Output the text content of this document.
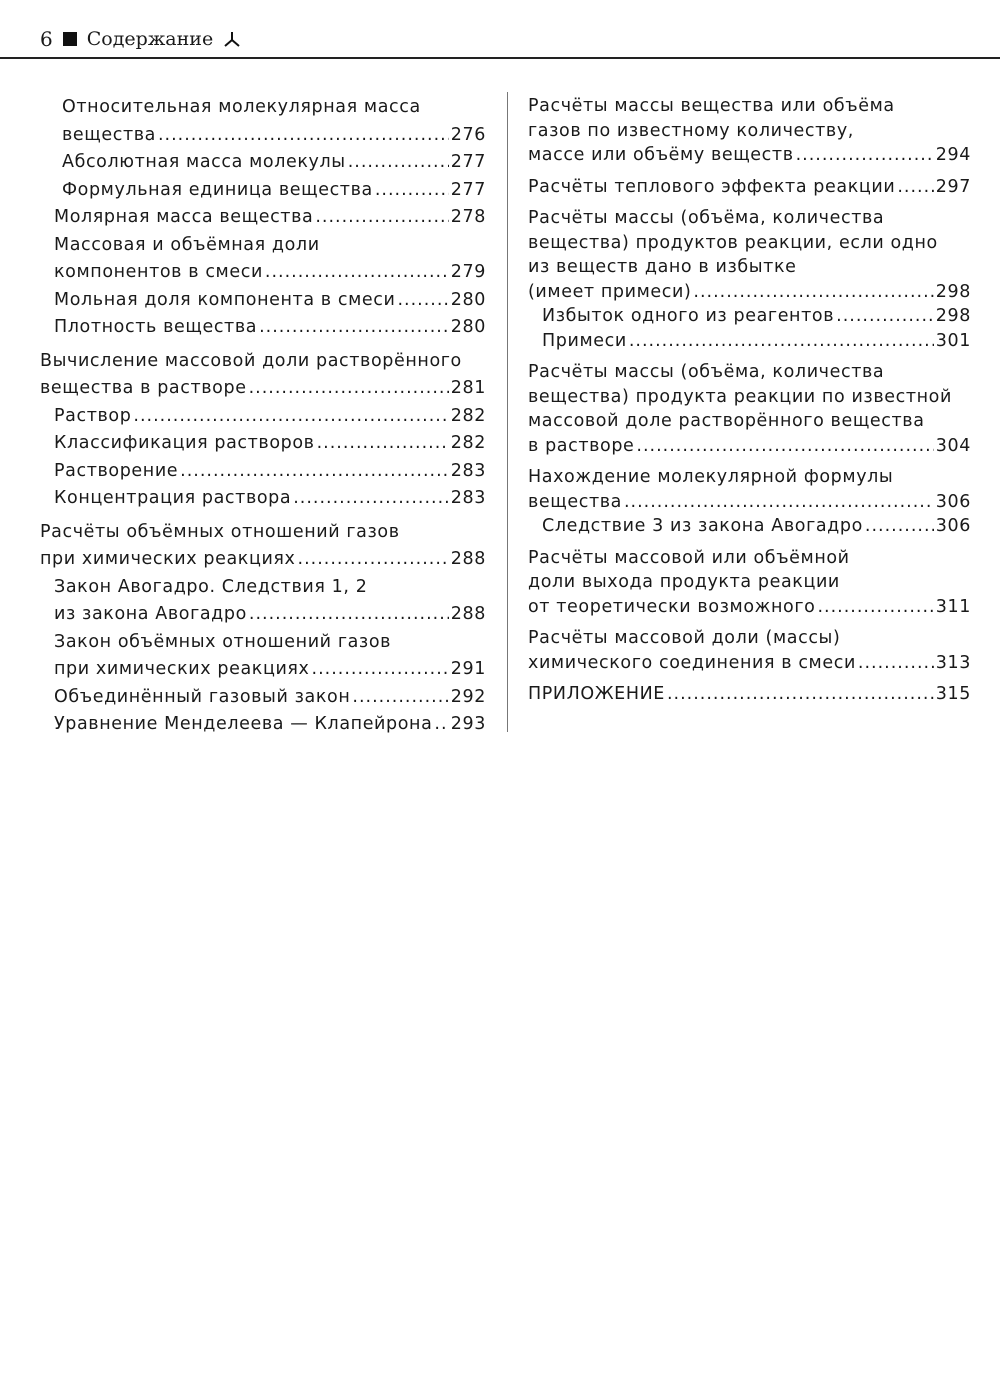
6 Содержание
Относительная молекулярная масса
вещества .....	276
Абсолютная масса молекулы .....	277
Формульная единица вещества .....	277
Молярная масса вещества .....	278
Массовая и объёмная доли
компонентов в смеси .....	279
Мольная доля компонента в смеси .....	280
Плотность вещества .....	280
Вычисление массовой доли растворённого
вещества в растворе .....	281
Раствор .....	282
Классификация растворов .....	282
Растворение .....	283
Концентрация раствора .....	283
Расчёты объёмных отношений газов
при химических реакциях .....	288
Закон Авогадро. Следствия 1, 2
из закона Авогадро .....	288
Закон объёмных отношений газов
при химических реакциях .....	291
Объединённый газовый закон .....	292
Уравнение Менделеева — Клапейрона ..... 293
Расчёты массы вещества или объёма
газов по известному количеству,
массе или объёму веществ .....	294
Расчёты теплового эффекта реакции ..... 297
Расчёты массы (объёма, количества
вещества) продуктов реакции, если одно
из веществ дано в избытке
(имеет примеси) .....	298
Избыток одного из реагентов .....	298
Примеси .....	301
Расчёты массы (объёма, количества
вещества) продукта реакции по известной
массовой доле растворённого вещества
в растворе .....	304
Нахождение молекулярной формулы
вещества .....	306
Следствие 3 из закона Авогадро .....	306
Расчёты массовой или объёмной
доли выхода продукта реакции
от теоретически возможного .....	311
Расчёты массовой доли (массы)
химического соединения в смеси .....	313
ПРИЛОЖЕНИЕ .....	315
